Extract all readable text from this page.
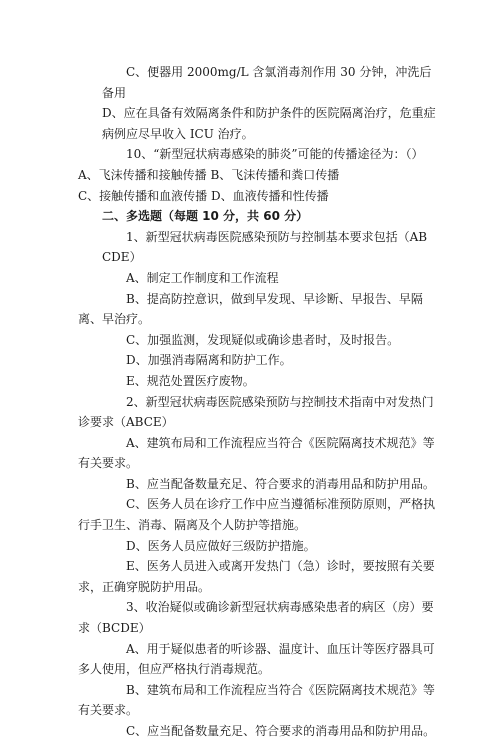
C、便器用 2000mg/L 含氯消毒剂作用 30 分钟，冲洗后备用

D、应在具备有效隔离条件和防护条件的医院隔离治疗，危重症病例应尽早收入 ICU 治疗。

10、“新型冠状病毒感染的肺炎”可能的传播途径为：（）

A、飞沫传播和接触传播 B、飞沫传播和粪口传播

C、接触传播和血液传播 D、血液传播和性传播

二、多选题（每题 10 分，共 60 分）

1、新型冠状病毒医院感染预防与控制基本要求包括（ABCDE）

A、制定工作制度和工作流程

B、提高防控意识，做到早发现、早诊断、早报告、早隔离、早治疗。

C、加强监测，发现疑似或确诊患者时，及时报告。

D、加强消毒隔离和防护工作。

E、规范处置医疗废物。

2、新型冠状病毒医院感染预防与控制技术指南中对发热门诊要求（ABCE）

A、建筑布局和工作流程应当符合《医院隔离技术规范》等有关要求。

B、应当配备数量充足、符合要求的消毒用品和防护用品。

C、医务人员在诊疗工作中应当遵循标准预防原则，严格执行手卫生、消毒、隔离及个人防护等措施。

D、医务人员应做好三级防护措施。

E、医务人员进入或离开发热门（急）诊时，要按照有关要求，正确穿脱防护用品。

3、收治疑似或确诊新型冠状病毒感染患者的病区（房）要求（BCDE）

A、用于疑似患者的听诊器、温度计、血压计等医疗器具可多人使用，但应严格执行消毒规范。

B、建筑布局和工作流程应当符合《医院隔离技术规范》等有关要求。

C、应当配备数量充足、符合要求的消毒用品和防护用品。
